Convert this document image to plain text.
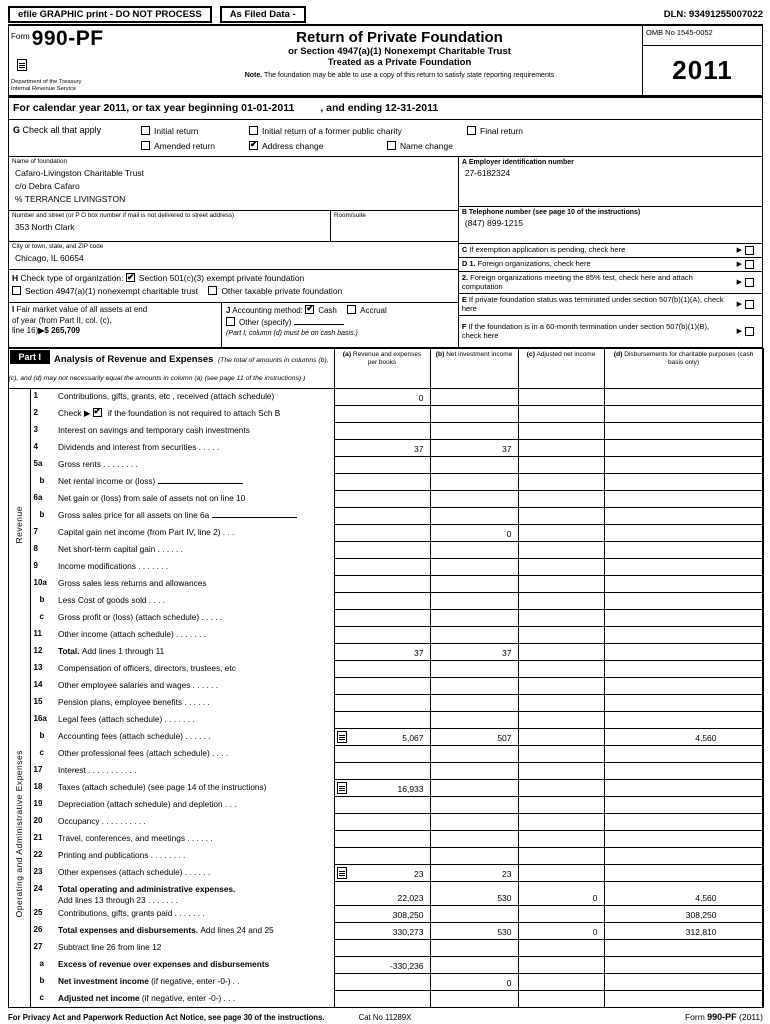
efile GRAPHIC print - DO NOT PROCESS	As Filed Data -	DLN: 93491255007022
$^{Form}$990-PF
Department of the Treasury
Internal Revenue Service
Return of Private Foundation
or Section 4947(a)(1) Nonexempt Charitable Trust
Treated as a Private Foundation
Note. The foundation may be able to use a copy of this return to satisfy state reporting requirements
OMB No 1545-0052
2011
For calendar year 2011, or tax year beginning 01-01-2011 , and ending 12-31-2011
G Check all that apply	Initial return	Initial return of a former public charity	Final return
Amended return ✔	Address change	Name change
Name of foundation
Cafaro-Livingston Charitable Trust
c/o Debra Cafaro
% TERRANCE LIVINGSTON
Number and street (or P O box number if mail is not delivered to street address)
353 North Clark
Room/suite
City or town, state, and ZIP code
Chicago, IL 60654
H Check type of organization: ✔ Section 501(c)(3) exempt private foundation
Section 4947(a)(1) nonexempt charitable trust	Other taxable private foundation
I Fair market value of all assets at end
of year (from Part II, col. (c),
line 16)▶$ 265,709
J Accounting method: ✔ Cash	Accrual
Other (specify)
(Part I, column (d) must be on cash basis.)
A Employer identification number
27-6182324
B Telephone number (see page 10 of the instructions)
(847) 899-1215
C If exemption application is pending, check here	▶
D 1. Foreign organizations, check here	▶
2. Foreign organizations meeting the 85% test, check here and attach computation	▶
E If private foundation status was terminated under section 507(b)(1)(A), check here	▶
F If the foundation is in a 60-month termination under section 507(b)(1)(B), check here	▶
Part I Analysis of Revenue and Expenses (The total of amounts in columns (b), (c), and (d) may not necessarily equal the amounts in column (a) (see page 11 of the instructions) )			(a) Revenue and expenses per books	(b) Net investment income	(c) Adjusted net income	(d) Disbursements for charitable purposes (cash basis only)

Revenue	1	Contributions, gifts, grants, etc , received (attach schedule)	0			
	2	Check ▶ ✔ if the foundation is not required to attach Sch B				
	3	Interest on savings and temporary cash investments				
	4	Dividends and interest from securities . . . . .	37	37		
	5a	Gross rents . . . . . . . .				
	b	Net rental income or (loss)				
	6a	Net gain or (loss) from sale of assets not on line 10				
	b	Gross sales price for all assets on line 6a				
	7	Capital gain net income (from Part IV, line 2) . . .		0		
	8	Net short-term capital gain . . . . . .				
	9	Income modifications . . . . . . .				
	10a	Gross sales less returns and allowances				
	b	Less Cost of goods sold . . . .				
	c	Gross profit or (loss) (attach schedule) . . . . .				
	11	Other income (attach schedule) . . . . . . .				
	12	Total. Add lines 1 through 11	37	37		

Operating and Administrative Expenses	13	Compensation of officers, directors, trustees, etc				
	14	Other employee salaries and wages . . . . . .				
	15	Pension plans, employee benefits . . . . . .				
	16a	Legal fees (attach schedule) . . . . . . .				
	b	Accounting fees (attach schedule) . . . . . .	5,067	507		4,560
	c	Other professional fees (attach schedule) . . . .				
	17	Interest . . . . . . . . . . .				
	18	Taxes (attach schedule) (see page 14 of the instructions)	16,933			
	19	Depreciation (attach schedule) and depletion . . .				
	20	Occupancy . . . . . . . . . .				
	21	Travel, conferences, and meetings . . . . . .				
	22	Printing and publications . . . . . . . .				
	23	Other expenses (attach schedule) . . . . . .	23	23		
	24	Total operating and administrative expenses.
Add lines 13 through 23 . . . . . . .	22,023	530	0	4,560
	25	Contributions, gifts, grants paid . . . . . . .	308,250			308,250
	26	Total expenses and disbursements. Add lines 24 and 25	330,273	530	0	312,810
	27	Subtract line 26 from line 12				
	a	Excess of revenue over expenses and disbursements	-330,236			
	b	Net investment income (if negative, enter -0-) . .		0		
	c	Adjusted net income (if negative, enter -0-) . . .				
For Privacy Act and Paperwork Reduction Act Notice, see page 30 of the instructions.	Cat No 11289X	Form 990-PF (2011)
